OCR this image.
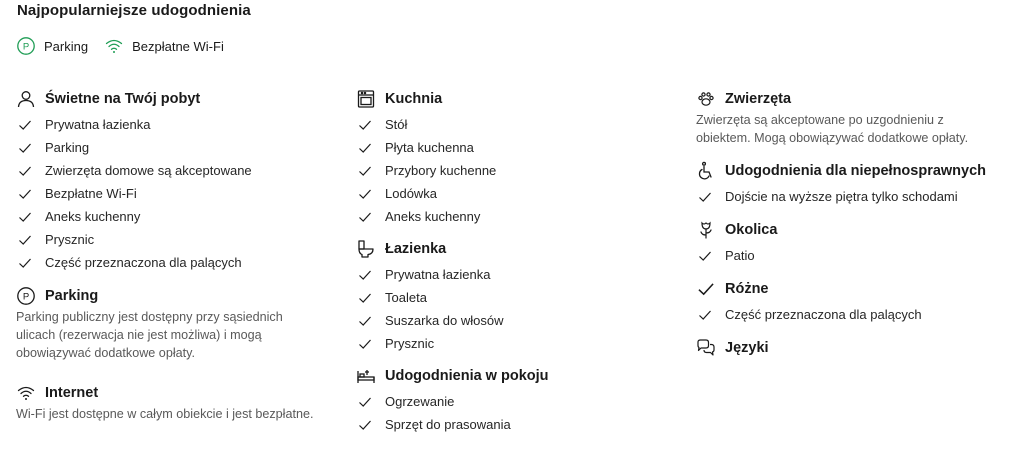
Najpopularniejsze udogodnienia
P Parking	Bezpłatne Wi-Fi
Świetne na Twój pobyt
Prywatna łazienka
Parking
Zwierzęta domowe są akceptowane
Bezpłatne Wi-Fi
Aneks kuchenny
Prysznic
Część przeznaczona dla palących
P Parking

Parking publiczny jest dostępny przy sąsiednich
ulicach (rezerwacja nie jest możliwa) i mogą
obowiązywać dodatkowe opłaty.

Internet

Wi-Fi jest dostępne w całym obiekcie i jest bezpłatne.

Kuchnia
Stół
Płyta kuchenna
Przybory kuchenne
Lodówka
Aneks kuchenny
Łazienka
Prywatna łazienka
Toaleta
Suszarka do włosów
Prysznic
Udogodnienia w pokoju
Ogrzewanie
Sprzęt do prasowania
Zwierzęta

Zwierzęta są akceptowane po uzgodnieniu z
obiektem. Mogą obowiązywać dodatkowe opłaty.

Udogodnienia dla niepełnosprawnych
Dojście na wyższe piętra tylko schodami
Okolica
Patio
Różne
Część przeznaczona dla palących
Języki
